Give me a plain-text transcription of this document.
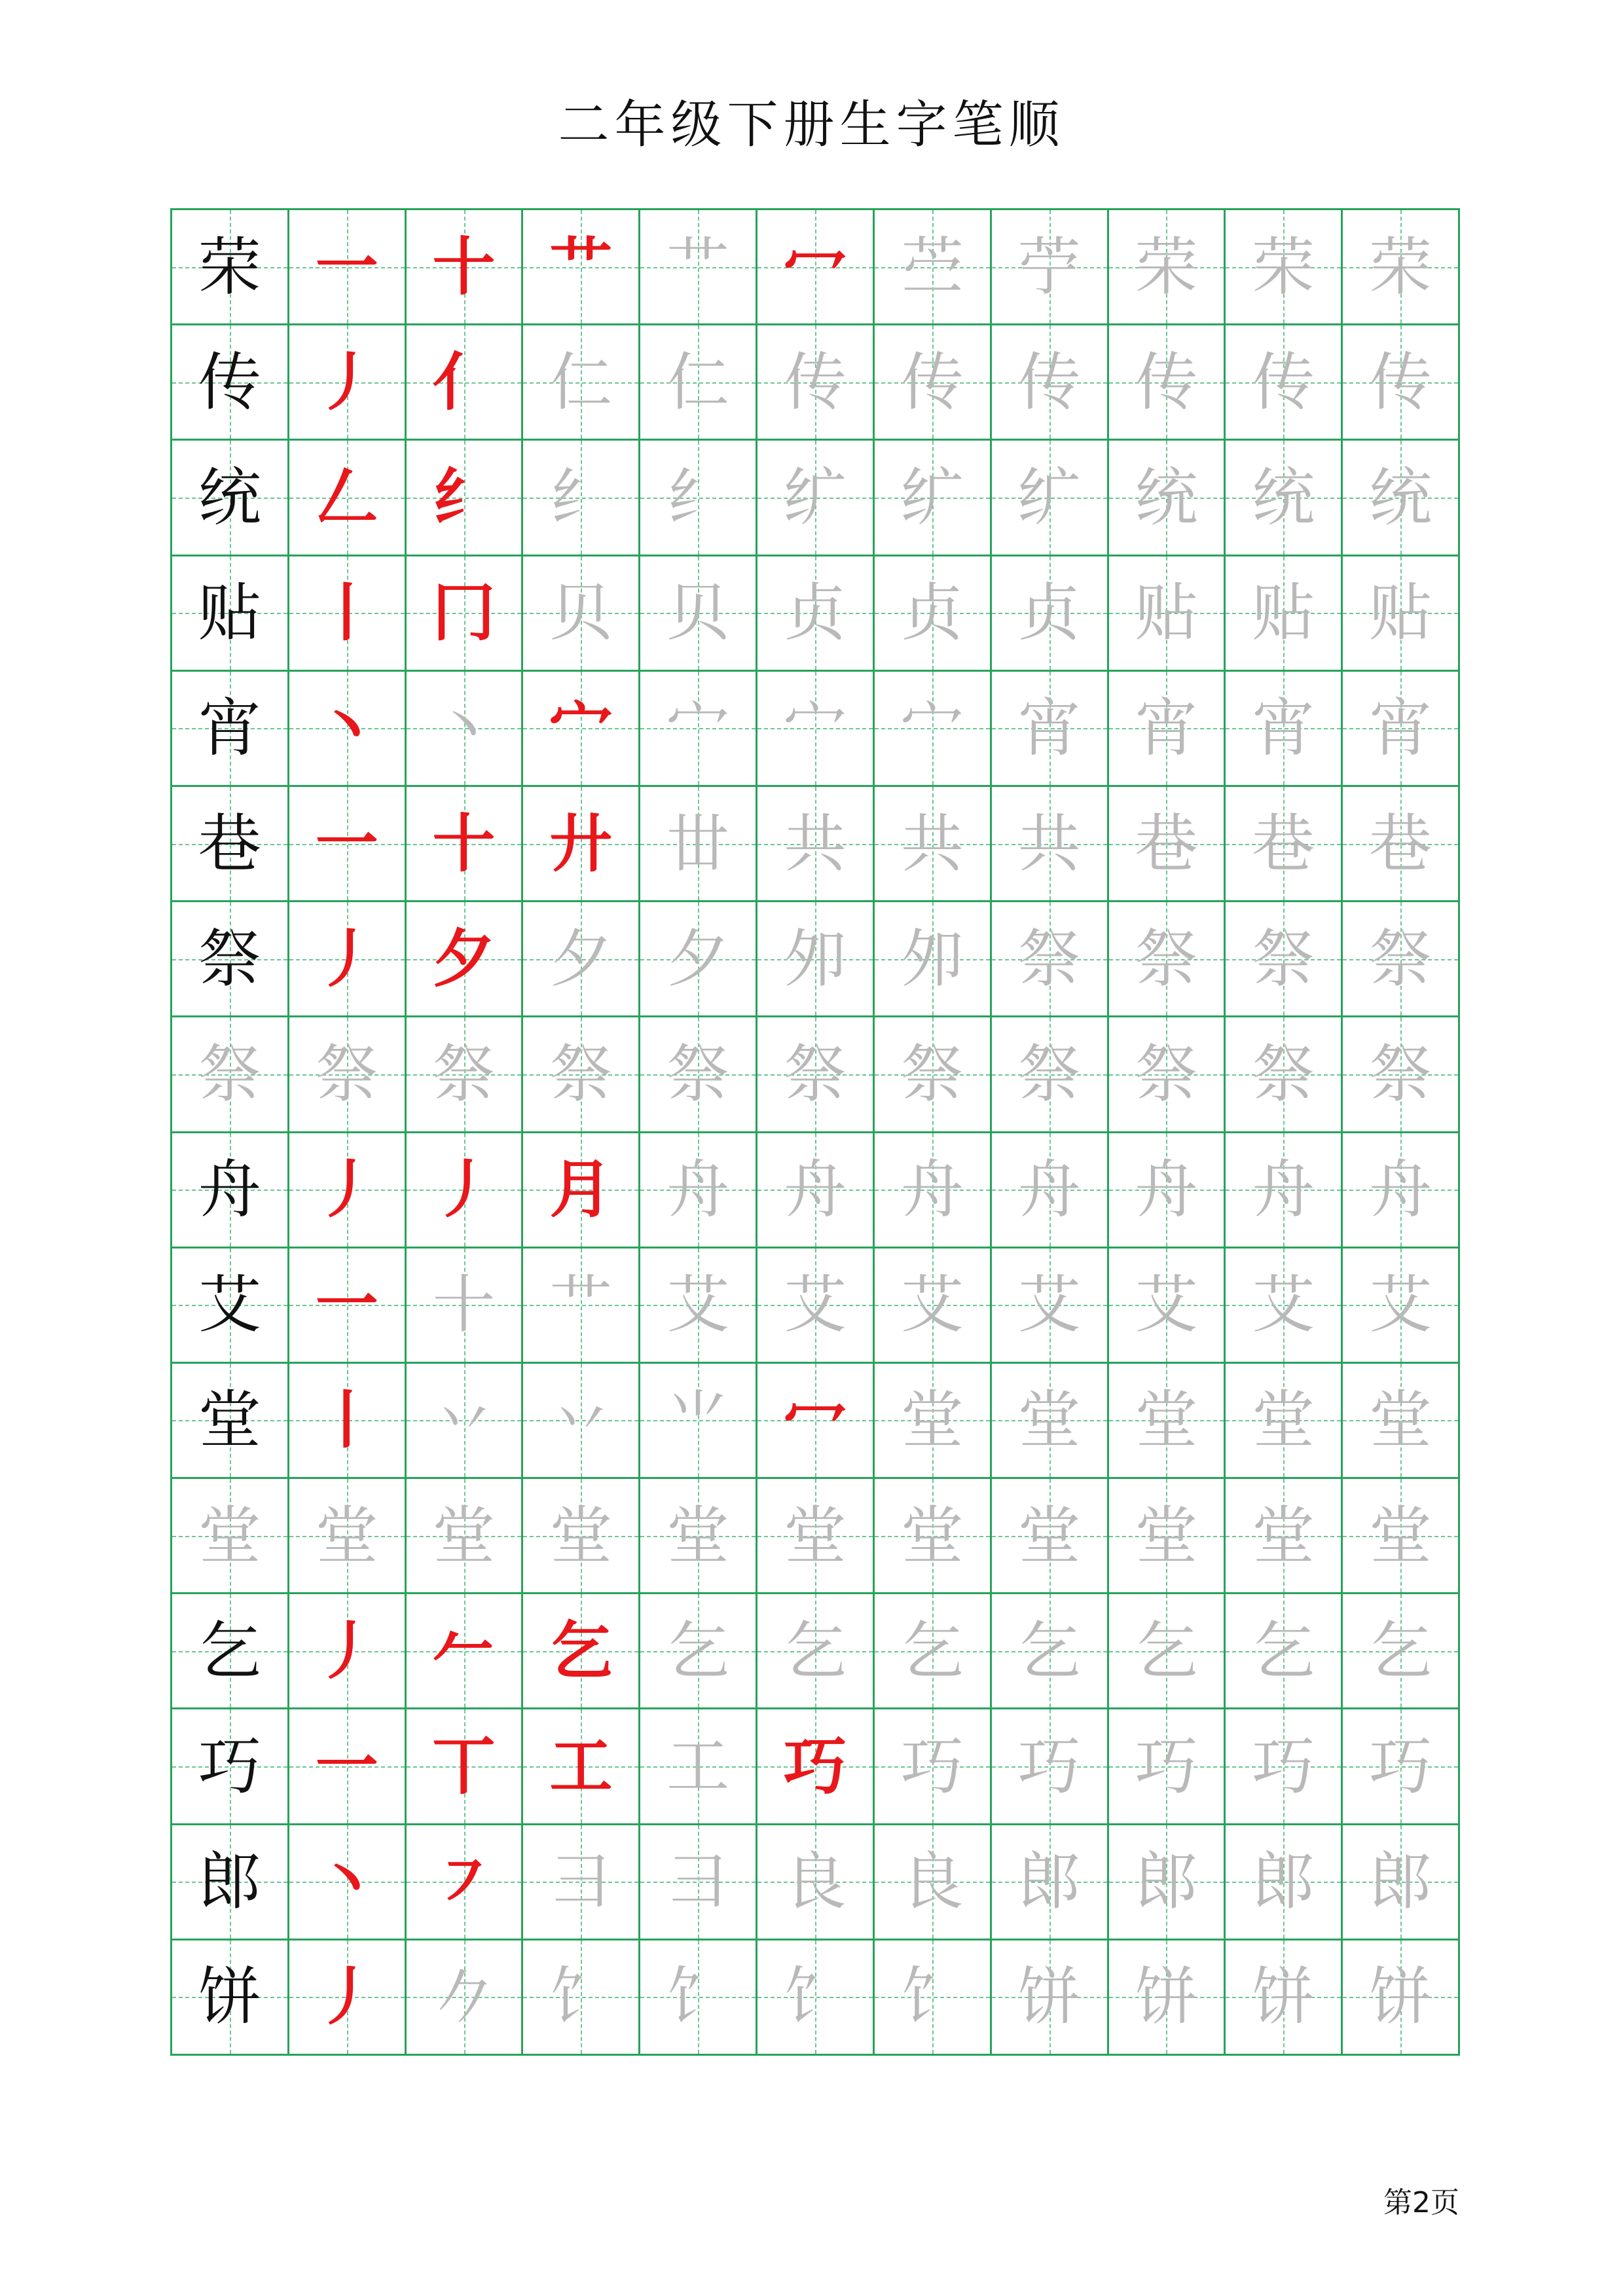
二年级下册生字笔顺
荣 一 十 艹 艹 冖 苎 苧 荣 荣 荣
传 丿 亻 仁 仁 传 传 传 传 传 传
统 𠃋 纟 纟 纟 纩 纩 纩 统 统 统
贴 丨 冂 贝 贝 贞 贞 贞 贴 贴 贴
宵 丶 丶 宀 宀 宀 宀 宵 宵 宵 宵
巷 一 十 廾 丗 共 共 共 巷 巷 巷
祭 丿 夕 夕 夕 夘 夘 祭 祭 祭 祭
祭 祭 祭 祭 祭 祭 祭 祭 祭 祭 祭
舟 丿 丿 月 舟 舟 舟 舟 舟 舟 舟
艾 一 十 艹 艾 艾 艾 艾 艾 艾 艾
堂 丨 丷 丷 ⺌ 冖 堂 堂 堂 堂 堂
堂 堂 堂 堂 堂 堂 堂 堂 堂 堂 堂
乞 丿 𠂉 乞 乞 乞 乞 乞 乞 乞 乞
巧 一 丅 工 工 巧 巧 巧 巧 巧 巧
郎 丶 ㇇ ⺕ ⺕ 良 良 郎 郎 郎 郎
饼 丿 𠂊 饣 饣 饣 饣 饼 饼 饼 饼
第2页
